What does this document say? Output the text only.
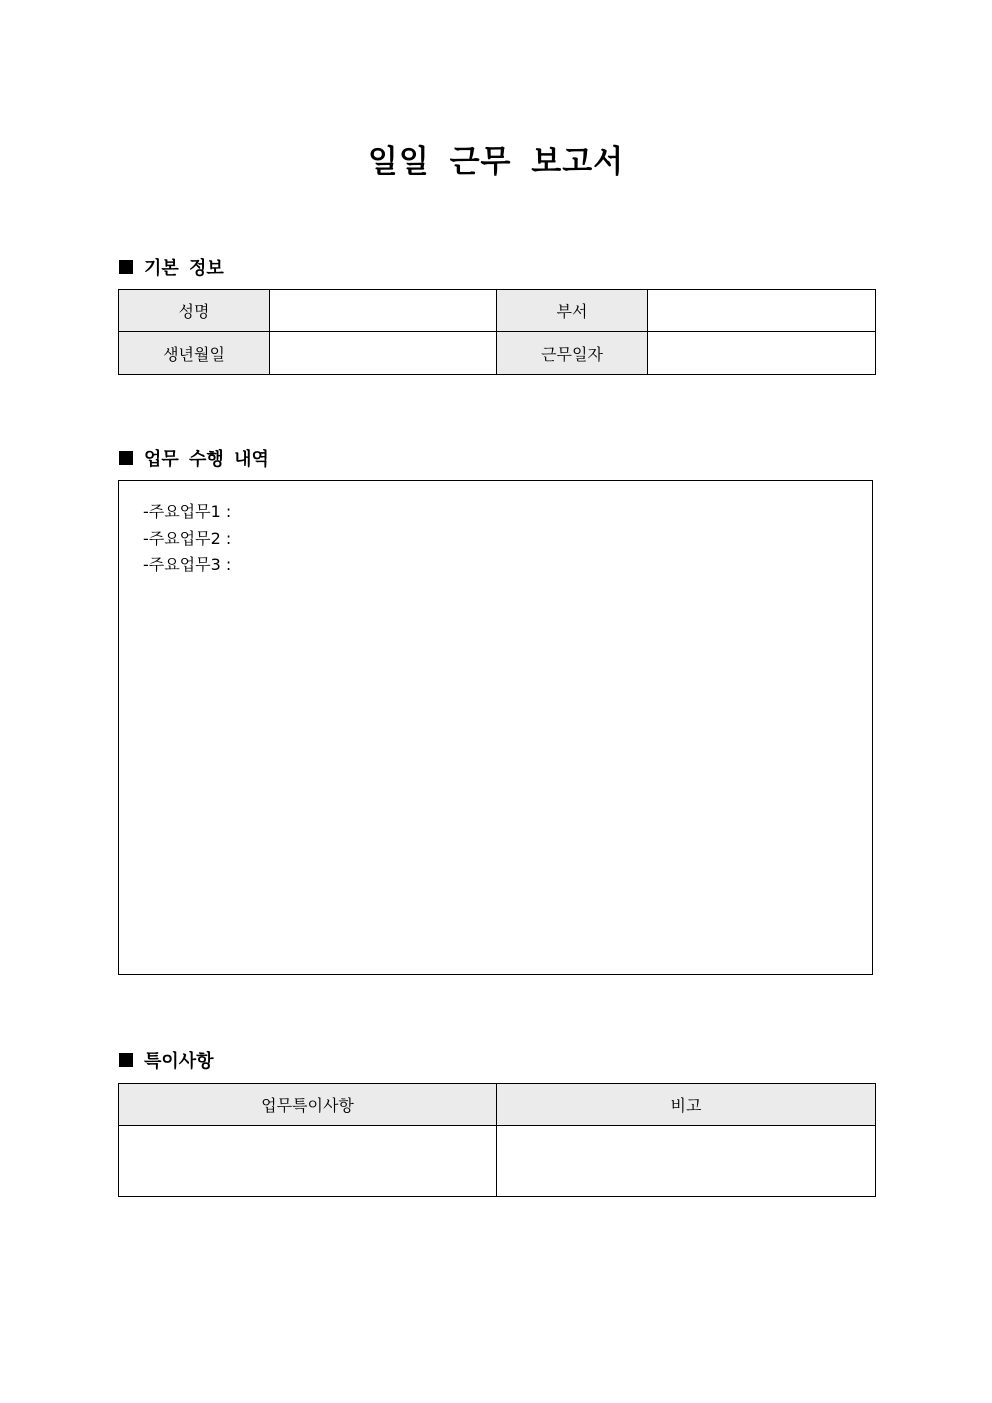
일일 근무 보고서
기본 정보
성명		부서	
생년월일		근무일자	
업무 수행 내역
-주요업무1 :
-주요업무2 :
-주요업무3 :
특이사항
업무특이사항	비고
